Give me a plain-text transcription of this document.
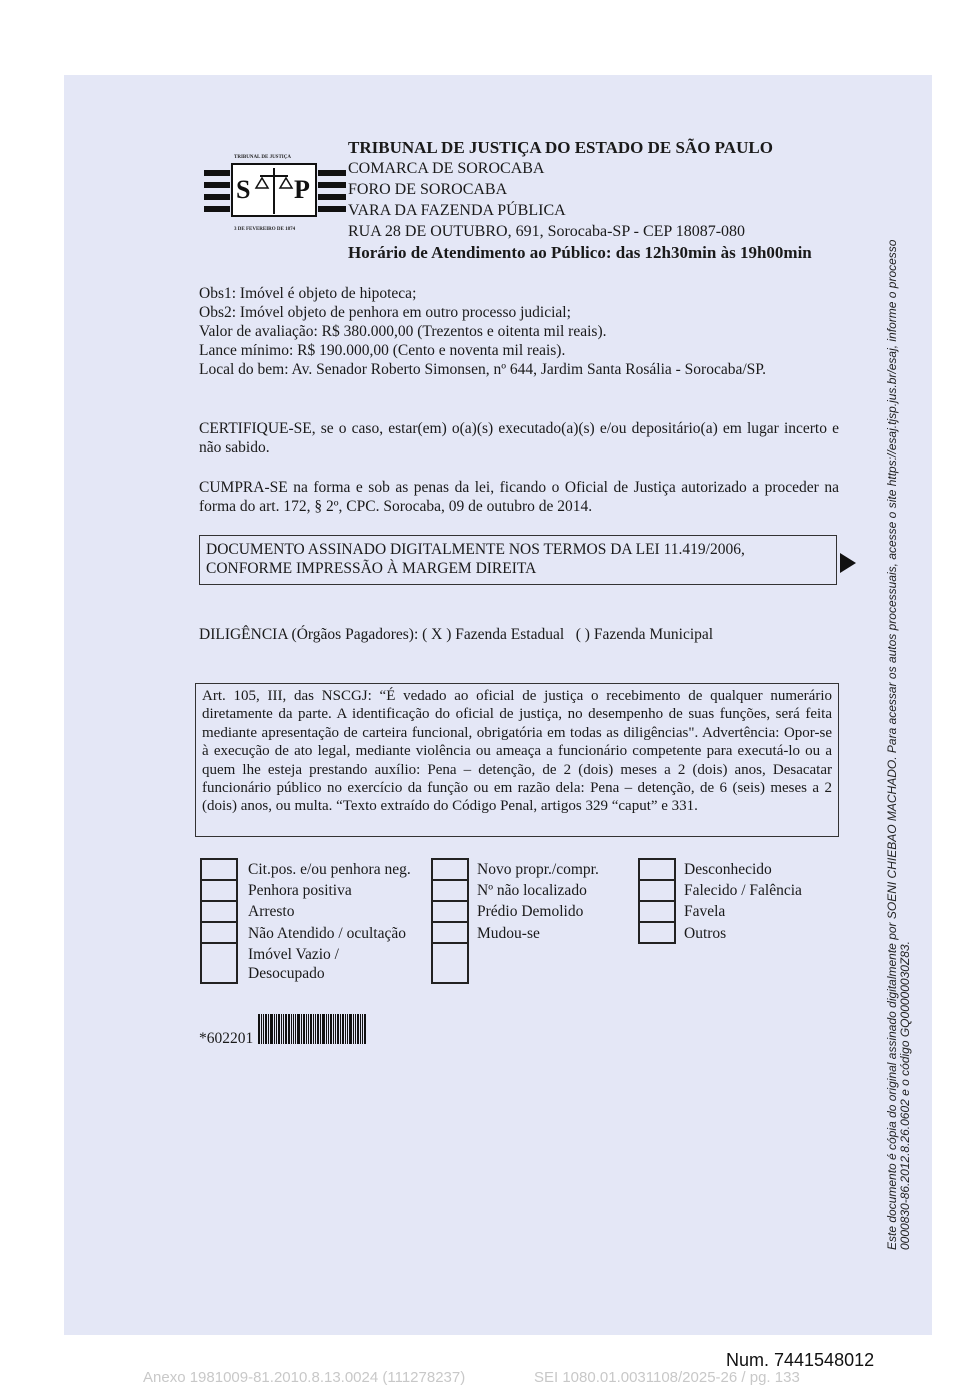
TRIBUNAL DE JUSTIÇA
S P
3 DE FEVEREIRO DE 1874
TRIBUNAL DE JUSTIÇA DO ESTADO DE SÃO PAULO
COMARCA DE SOROCABA
FORO DE SOROCABA
VARA DA FAZENDA PÚBLICA
RUA 28 DE OUTUBRO, 691, Sorocaba-SP - CEP 18087-080
Horário de Atendimento ao Público: das 12h30min às 19h00min
Obs1: Imóvel é objeto de hipoteca;
Obs2: Imóvel objeto de penhora em outro processo judicial;
Valor de avaliação: R$ 380.000,00 (Trezentos e oitenta mil reais).
Lance mínimo: R$ 190.000,00 (Cento e noventa mil reais).
Local do bem: Av. Senador Roberto Simonsen, nº 644, Jardim Santa Rosália - Sorocaba/SP.
CERTIFIQUE-SE, se o caso, estar(em) o(a)(s) executado(a)(s) e/ou depositário(a) em lugar incerto e não sabido.
CUMPRA-SE na forma e sob as penas da lei, ficando o Oficial de Justiça autorizado a proceder na forma do art. 172, § 2º, CPC. Sorocaba, 09 de outubro de 2014.
DOCUMENTO ASSINADO DIGITALMENTE NOS TERMOS DA LEI 11.419/2006, CONFORME IMPRESSÃO À MARGEM DIREITA
DILIGÊNCIA (Órgãos Pagadores): ( X ) Fazenda Estadual   ( ) Fazenda Municipal
Art. 105, III, das NSCGJ: “É vedado ao oficial de justiça o recebimento de qualquer numerário diretamente da parte. A identificação do oficial de justiça, no desempenho de suas funções, será feita mediante apresentação de carteira funcional, obrigatória em todas as diligências". Advertência: Opor-se à execução de ato legal, mediante violência ou ameaça a funcionário competente para executá-lo ou a quem lhe esteja prestando auxílio: Pena – detenção, de 2 (dois) meses a 2 (dois) anos, Desacatar funcionário público no exercício da função ou em razão dela: Pena – detenção, de 6 (seis) meses a 2 (dois) anos, ou multa. “Texto extraído do Código Penal, artigos 329 “caput” e 331.
Cit.pos. e/ou penhora neg.
Penhora positiva
Arresto
Não Atendido / ocultação
Imóvel Vazio / Desocupado
Novo propr./compr.
Nº não localizado
Prédio Demolido
Mudou-se
Desconhecido
Falecido / Falência
Favela
Outros
*602201	Este documento é cópia do original assinado digitalmente por SOENI CHIEBAO MACHADO. Para acessar os autos processuais, acesse o site https://esaj.tjsp.jus.br/esaj, informe o processo 0000830-86.2012.8.26.0602 e o código GQ00000030Z83.
Num. 7441548012
Anexo 1981009-81.2010.8.13.0024 (111278237)	SEI 1080.01.0031108/2025-26 / pg. 133
